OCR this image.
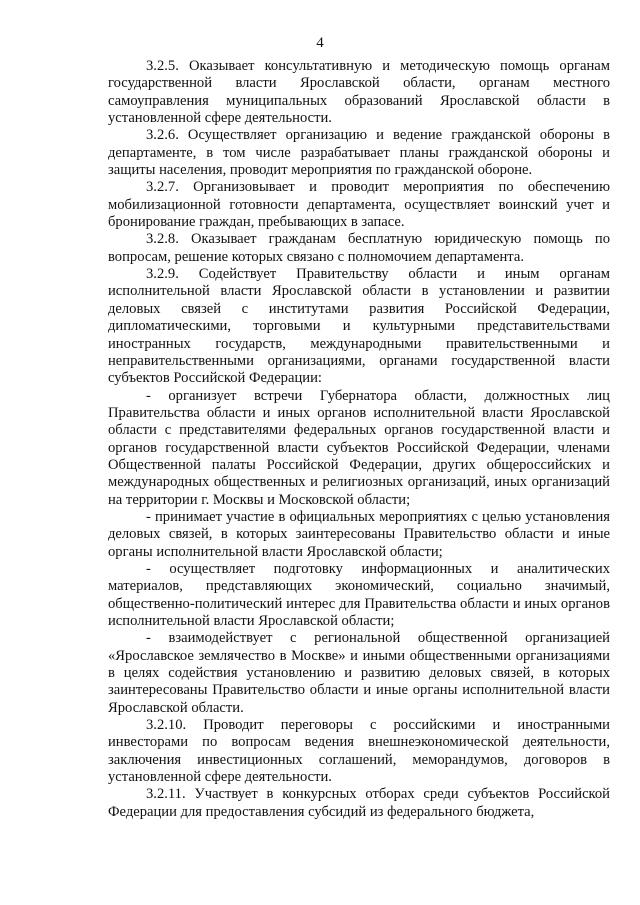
4

3.2.5. Оказывает консультативную и методическую помощь органам государственной власти Ярославской области, органам местного самоуправления муниципальных образований Ярославской области в установленной сфере деятельности.

3.2.6. Осуществляет организацию и ведение гражданской обороны в департаменте, в том числе разрабатывает планы гражданской обороны и защиты населения, проводит мероприятия по гражданской обороне.

3.2.7. Организовывает и проводит мероприятия по обеспечению мобилизационной готовности департамента, осуществляет воинский учет и бронирование граждан, пребывающих в запасе.

3.2.8. Оказывает гражданам бесплатную юридическую помощь по вопросам, решение которых связано с полномочием департамента.

3.2.9. Содействует Правительству области и иным органам исполнительной власти Ярославской области в установлении и развитии деловых связей с институтами развития Российской Федерации, дипломатическими, торговыми и культурными представительствами иностранных государств, международными правительственными и неправительственными организациями, органами государственной власти субъектов Российской Федерации:

- организует встречи Губернатора области, должностных лиц Правительства области и иных органов исполнительной власти Ярославской области с представителями федеральных органов государственной власти и органов государственной власти субъектов Российской Федерации, членами Общественной палаты Российской Федерации, других общероссийских и международных общественных и религиозных организаций, иных организаций на территории г. Москвы и Московской области;

- принимает участие в официальных мероприятиях с целью установления деловых связей, в которых заинтересованы Правительство области и иные органы исполнительной власти Ярославской области;

- осуществляет подготовку информационных и аналитических материалов, представляющих экономический, социально значимый, общественно-политический интерес для Правительства области и иных органов исполнительной власти Ярославской области;

- взаимодействует с региональной общественной организацией «Ярославское землячество в Москве» и иными общественными организациями в целях содействия установлению и развитию деловых связей, в которых заинтересованы Правительство области и иные органы исполнительной власти Ярославской области.

3.2.10. Проводит переговоры с российскими и иностранными инвесторами по вопросам ведения внешнеэкономической деятельности, заключения инвестиционных соглашений, меморандумов, договоров в установленной сфере деятельности.

3.2.11. Участвует в конкурсных отборах среди субъектов Российской Федерации для предоставления субсидий из федерального бюджета,
